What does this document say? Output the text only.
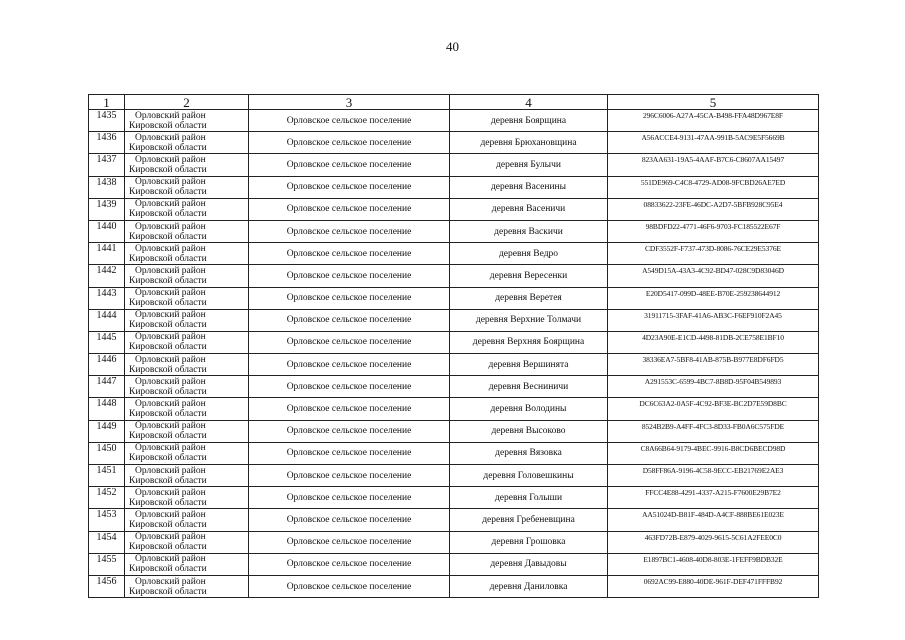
40
1	2	3	4	5
1435	Орловский район
Кировской области	Орловское сельское поселение	деревня Боярщина	296C6006-A27A-45CA-B498-FFA48D967E8F
1436	Орловский район
Кировской области	Орловское сельское поселение	деревня Брюхановщина	A56ACCE4-9131-47AA-991B-5AC9E5F5669B
1437	Орловский район
Кировской области	Орловское сельское поселение	деревня Булычи	823AA631-19A5-4AAF-B7C6-C8607AA15497
1438	Орловский район
Кировской области	Орловское сельское поселение	деревня Васенины	551DE969-C4C8-4729-AD08-9FCBD26AE7ED
1439	Орловский район
Кировской области	Орловское сельское поселение	деревня Васеничи	08833622-23FE-46DC-A2D7-5BFB928C95E4
1440	Орловский район
Кировской области	Орловское сельское поселение	деревня Васкичи	98BDFD22-4771-46F6-9703-FC185522E67F
1441	Орловский район
Кировской области	Орловское сельское поселение	деревня Ведро	CDF3552F-F737-473D-8086-76CE29E5376E
1442	Орловский район
Кировской области	Орловское сельское поселение	деревня Вересенки	A549D15A-43A3-4C92-BD47-028C9D83046D
1443	Орловский район
Кировской области	Орловское сельское поселение	деревня Веретея	E20D5417-099D-48EE-B70E-259238644912
1444	Орловский район
Кировской области	Орловское сельское поселение	деревня Верхние Толмачи	31911715-3FAF-41A6-AB3C-F6EF910F2A45
1445	Орловский район
Кировской области	Орловское сельское поселение	деревня Верхняя Боярщина	4D23A90E-E1CD-4498-81DB-2CE758E1BF10
1446	Орловский район
Кировской области	Орловское сельское поселение	деревня Вершинята	38336EA7-5BF8-41AB-875B-B977E8DF6FD5
1447	Орловский район
Кировской области	Орловское сельское поселение	деревня Весниничи	A291553C-6599-4BC7-8B8D-95F04B549893
1448	Орловский район
Кировской области	Орловское сельское поселение	деревня Володины	DC6C63A2-0A5F-4C92-BF3E-BC2D7E59D8BC
1449	Орловский район
Кировской области	Орловское сельское поселение	деревня Высоково	8524B2B9-A4FF-4FC3-8D33-FB0A6C575FDE
1450	Орловский район
Кировской области	Орловское сельское поселение	деревня Вязовка	C8A66B64-9179-4BEC-9916-B8CD6BECD98D
1451	Орловский район
Кировской области	Орловское сельское поселение	деревня Головешкины	D58FF86A-9196-4C58-9ECC-EB21769E2AE3
1452	Орловский район
Кировской области	Орловское сельское поселение	деревня Голыши	FFCC4E88-4291-4337-A215-F7600E29B7E2
1453	Орловский район
Кировской области	Орловское сельское поселение	деревня Гребеневщина	AA51024D-B81F-484D-A4CF-888BE61E023E
1454	Орловский район
Кировской области	Орловское сельское поселение	деревня Грошовка	463FD72B-E879-4029-9615-5C61A2FEE0C0
1455	Орловский район
Кировской области	Орловское сельское поселение	деревня Давыдовы	E1897BC1-4608-40D8-803E-1FEFF9BDB32E
1456	Орловский район
Кировской области	Орловское сельское поселение	деревня Даниловка	0692AC99-E880-40DE-961F-DEF471FFFB92
